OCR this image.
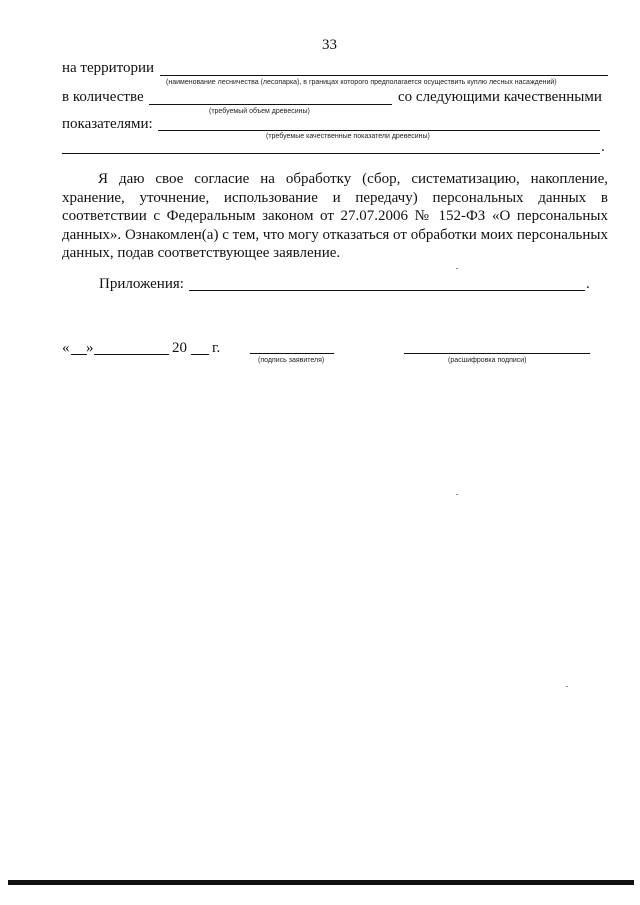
33
на территории
(наименование лесничества (лесопарка), в границах которого предполагается осуществить куплю лесных насаждений)
в количестве	со следующими качественными
(требуемый объем древесины)
показателями:
(требуемые качественные показатели древесины)
.
Я даю свое согласие на обработку (сбор, систематизацию, накопление, хранение, уточнение, использование и передачу) персональных данных в соответствии с Федеральным законом от 27.07.2006 № 152-ФЗ «О персональных данных». Ознакомлен(а) с тем, что могу отказаться от обработки моих персональных данных, подав соответствующее заявление.
Приложения:	.
« »	20 г.
(подпись заявителя)	(расшифровка подписи)
